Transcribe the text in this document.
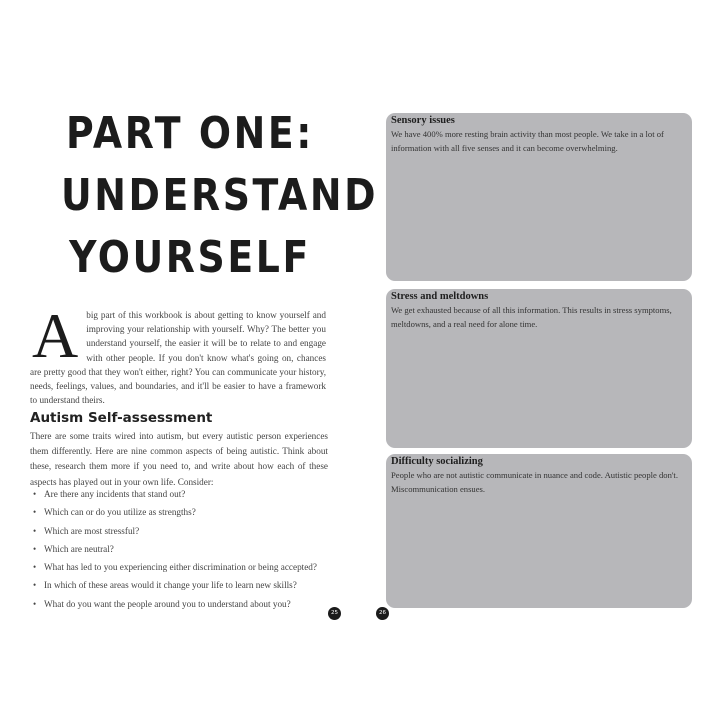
PART ONE:
UNDERSTAND
YOURSELF
A big part of this workbook is about getting to know yourself and improving your relationship with yourself. Why? The better you understand yourself, the easier it will be to relate to and engage with other people. If you don't know what's going on, chances are pretty good that they won't either, right? You can communicate your history, needs, feelings, values, and boundaries, and it'll be easier to have a framework to understand theirs.
Autism Self-assessment
There are some traits wired into autism, but every autistic person experiences them differently. Here are nine common aspects of being autistic. Think about these, research them more if you need to, and write about how each of these aspects has played out in your own life. Consider:
• Are there any incidents that stand out?
• Which can or do you utilize as strengths?
• Which are most stressful?
• Which are neutral?
• What has led to you experiencing either discrimination or being accepted?
• In which of these areas would it change your life to learn new skills?
• What do you want the people around you to understand about you?
25
Sensory issues
We have 400% more resting brain activity than most people. We take in a lot of information with all five senses and it can become overwhelming.
Stress and meltdowns
We get exhausted because of all this information. This results in stress symptoms, meltdowns, and a real need for alone time.
Difficulty socializing
People who are not autistic communicate in nuance and code. Autistic people don't. Miscommunication ensues.
26
